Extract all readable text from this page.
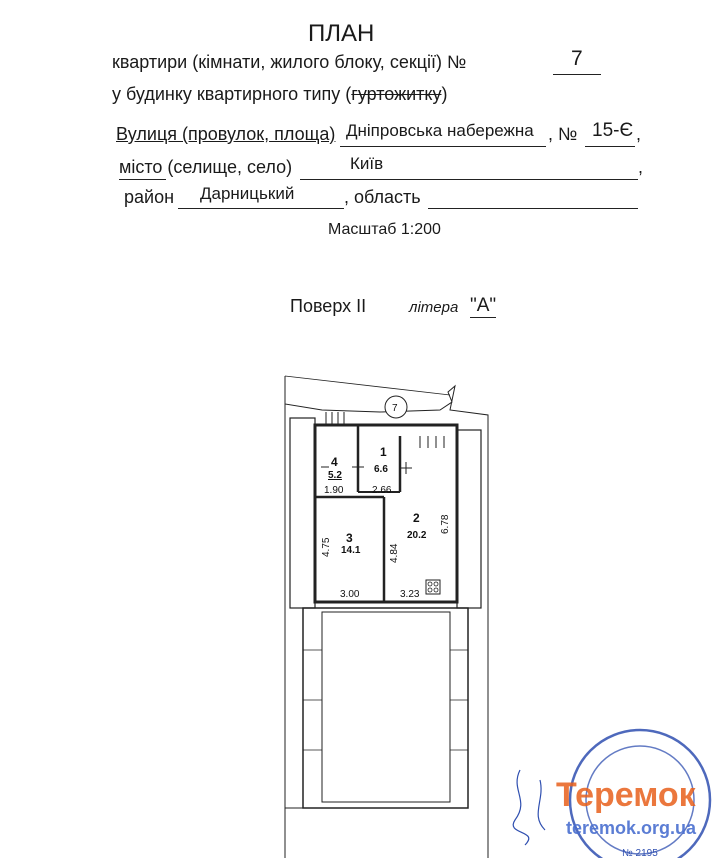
ПЛАН
квартири (кімнати, жилого блоку, секції) №	7
у будинку квартирного типу (гуртожитку)
Вулиця (провулок, площа) Дніпровська набережна , № 15-Є ,
місто (селище, село)	Київ	,
район Дарницький	, область
Масштаб 1:200
Поверх ІІ	літера "А"
7
4
5.2
1
6.6
2
20.2
3
14.1
1.90	2.66
3.00	3.23
4.75	4.84
6.78
№ 2195
Теремок
teremok.org.ua
